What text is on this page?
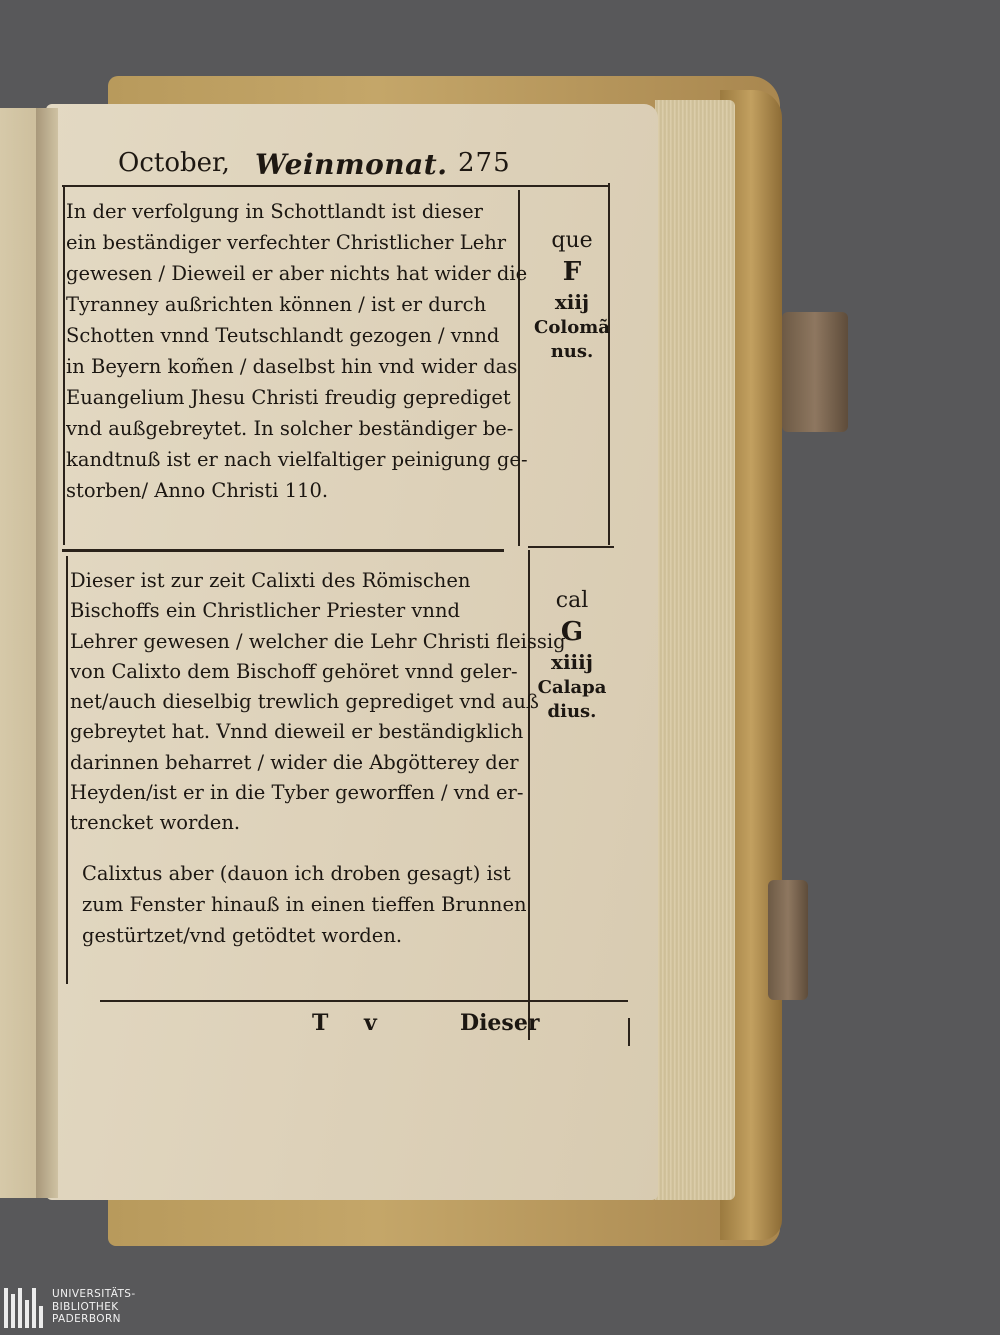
October, Weinmonat. 275
In der verfolgung in Schottlandt ist dieser
ein beständiger verfechter Christlicher Lehr
gewesen / Dieweil er aber nichts hat wider die
Tyranney außrichten können / ist er durch
Schotten vnnd Teutschlandt gezogen / vnnd
in Beyern kom̃en / daselbst hin vnd wider das
Euangelium Jhesu Christi freudig geprediget
vnd außgebreytet. In solcher beständiger be-
kandtnuß ist er nach vielfaltiger peinigung ge-
storben/ Anno Christi 110.
que
F
xiij
Colomã
nus.
Dieser ist zur zeit Calixti des Römischen
Bischoffs ein Christlicher Priester vnnd
Lehrer gewesen / welcher die Lehr Christi fleissig
von Calixto dem Bischoff gehöret vnnd geler-
net/auch dieselbig trewlich geprediget vnd auß
gebreytet hat. Vnnd dieweil er beständigklich
darinnen beharret / wider die Abgötterey der
Heyden/ist er in die Tyber geworffen / vnd er-
trencket worden.
Calixtus aber (dauon ich droben gesagt) ist
zum Fenster hinauß in einen tieffen Brunnen
gestürtzet/vnd getödtet worden.
cal
G
xiiij
Calapa
dius.
T v	Dieser
UNIVERSITÄTS-
BIBLIOTHEK
PADERBORN
